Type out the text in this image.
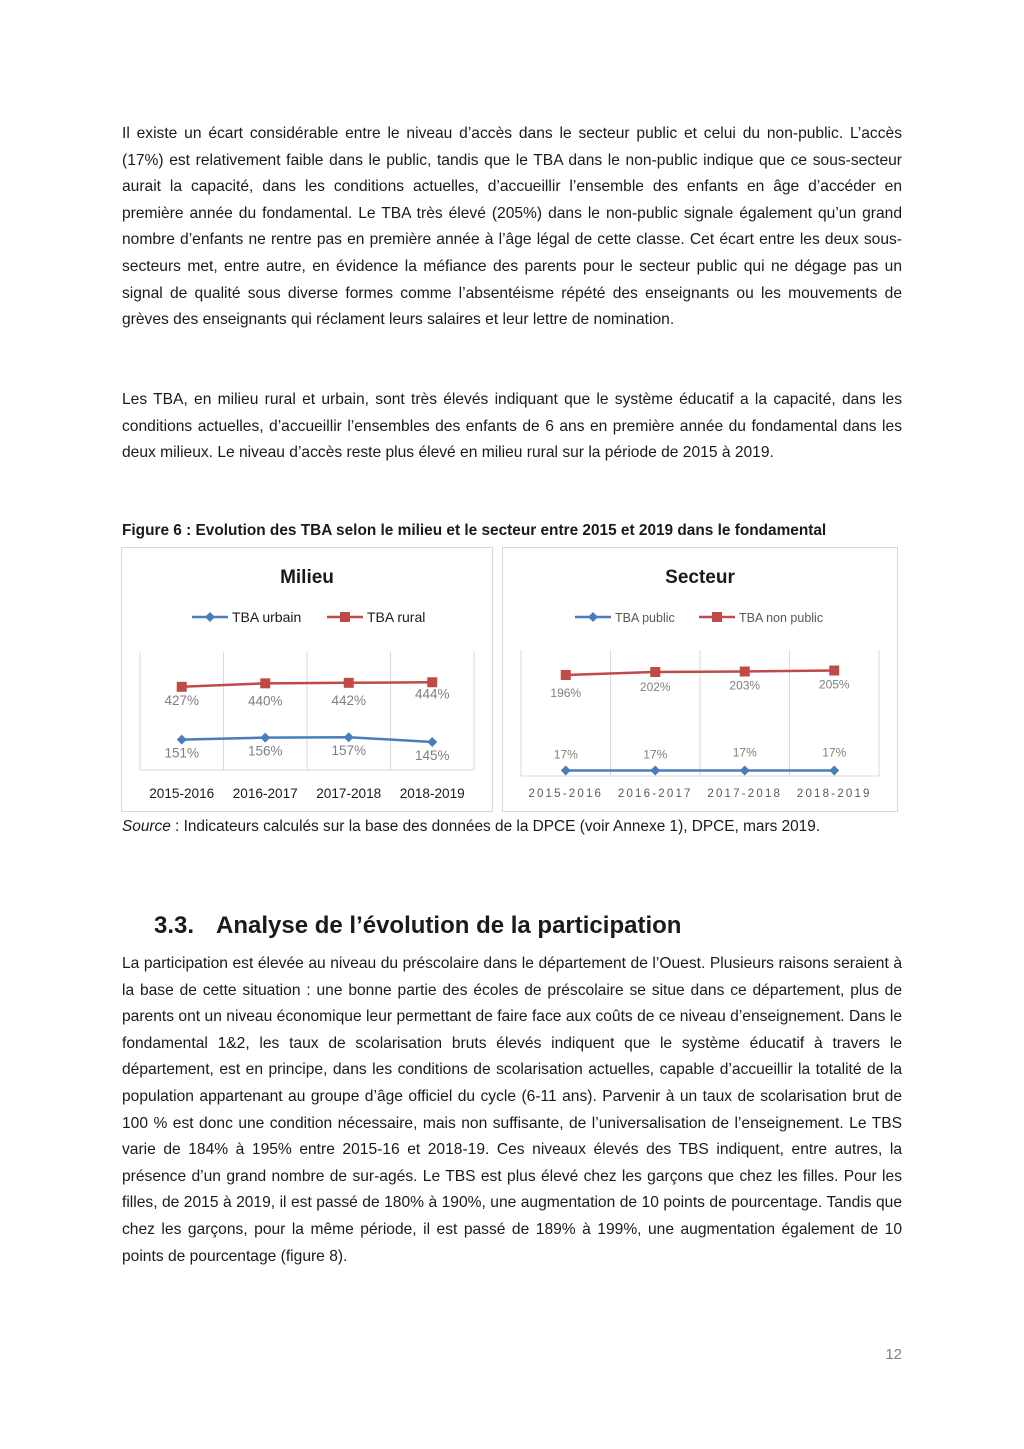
Il existe un écart considérable entre le niveau d’accès dans le secteur public et celui du non-public. L’accès (17%) est relativement faible dans le public, tandis que le TBA dans le non-public indique que ce sous-secteur aurait la capacité, dans les conditions actuelles, d’accueillir l’ensemble des enfants en âge d’accéder en première année du fondamental. Le TBA très élevé (205%) dans le non-public signale également qu’un grand nombre d’enfants ne rentre pas en première année à l’âge légal de cette classe. Cet écart entre les deux sous-secteurs met, entre autre, en évidence la méfiance des parents pour le secteur public qui ne dégage pas un signal de qualité sous diverse formes comme l’absentéisme répété des enseignants ou les mouvements de grèves des enseignants qui réclament leurs salaires et leur lettre de nomination.

Les TBA, en milieu rural et urbain, sont très élevés indiquant que le système éducatif a la capacité, dans les conditions actuelles, d’accueillir l’ensembles des enfants de 6 ans en première année du fondamental dans les deux milieux. Le niveau d’accès reste plus élevé en milieu rural sur la période de 2015 à 2019.

Figure 6 : Evolution des TBA selon le milieu et le secteur entre 2015 et 2019 dans le fondamental

Milieu
TBA urbain	TBA rural
2015-2016 2016-2017 2017-2018 2018-2019
151%	156%	157%	145%
427%	440%	442%	444%
Secteur
TBA public	TBA non public
2015-2016 2016-2017 2017-2018 2018-2019
17%	17%	17%	17%
196%	202%	203%	205%

Source : Indicateurs calculés sur la base des données de la DPCE (voir Annexe 1), DPCE, mars 2019.

3.3. Analyse de l’évolution de la participation

La participation est élevée au niveau du préscolaire dans le département de l’Ouest. Plusieurs raisons seraient à la base de cette situation : une bonne partie des écoles de préscolaire se situe dans ce département, plus de parents ont un niveau économique leur permettant de faire face aux coûts de ce niveau d’enseignement. Dans le fondamental 1&2, les taux de scolarisation bruts élevés indiquent que le système éducatif à travers le département, est en principe, dans les conditions de scolarisation actuelles, capable d’accueillir la totalité de la population appartenant au groupe d’âge officiel du cycle (6-11 ans). Parvenir à un taux de scolarisation brut de 100 % est donc une condition nécessaire, mais non suffisante, de l’universalisation de l’enseignement. Le TBS varie de 184% à 195% entre 2015-16 et 2018-19. Ces niveaux élevés des TBS indiquent, entre autres, la présence d’un grand nombre de sur-agés. Le TBS est plus élevé chez les garçons que chez les filles. Pour les filles, de 2015 à 2019, il est passé de 180% à 190%, une augmentation de 10 points de pourcentage. Tandis que chez les garçons, pour la même période, il est passé de 189% à 199%, une augmentation également de 10 points de pourcentage (figure 8).

12
